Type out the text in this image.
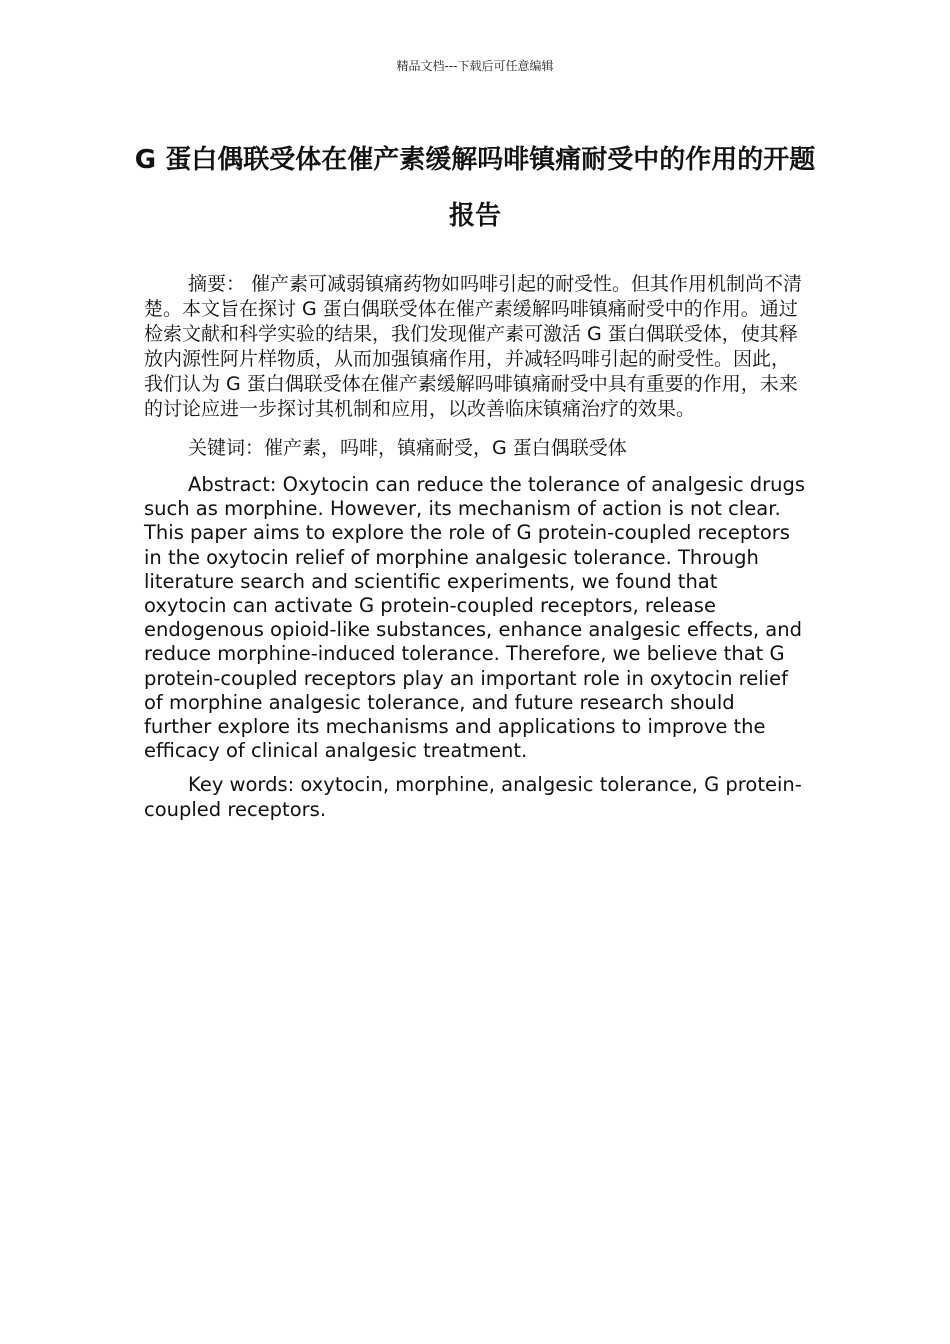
精品文档---下载后可任意编辑
G 蛋白偶联受体在催产素缓解吗啡镇痛耐受中的作用的开题报告

摘要： 催产素可减弱镇痛药物如吗啡引起的耐受性。但其作用机制尚不清楚。本文旨在探讨 G 蛋白偶联受体在催产素缓解吗啡镇痛耐受中的作用。通过检索文献和科学实验的结果，我们发现催产素可激活 G 蛋白偶联受体，使其释放内源性阿片样物质，从而加强镇痛作用，并减轻吗啡引起的耐受性。因此，我们认为 G 蛋白偶联受体在催产素缓解吗啡镇痛耐受中具有重要的作用，未来的讨论应进一步探讨其机制和应用，以改善临床镇痛治疗的效果。

关键词：催产素，吗啡，镇痛耐受，G 蛋白偶联受体

Abstract: Oxytocin can reduce the tolerance of analgesic drugs such as morphine. However, its mechanism of action is not clear. This paper aims to explore the role of G protein-coupled receptors in the oxytocin relief of morphine analgesic tolerance. Through literature search and scientific experiments, we found that oxytocin can activate G protein-coupled receptors, release endogenous opioid-like substances, enhance analgesic effects, and reduce morphine-induced tolerance. Therefore, we believe that G protein-coupled receptors play an important role in oxytocin relief of morphine analgesic tolerance, and future research should further explore its mechanisms and applications to improve the efficacy of clinical analgesic treatment.

Key words: oxytocin, morphine, analgesic tolerance, G protein-coupled receptors.
